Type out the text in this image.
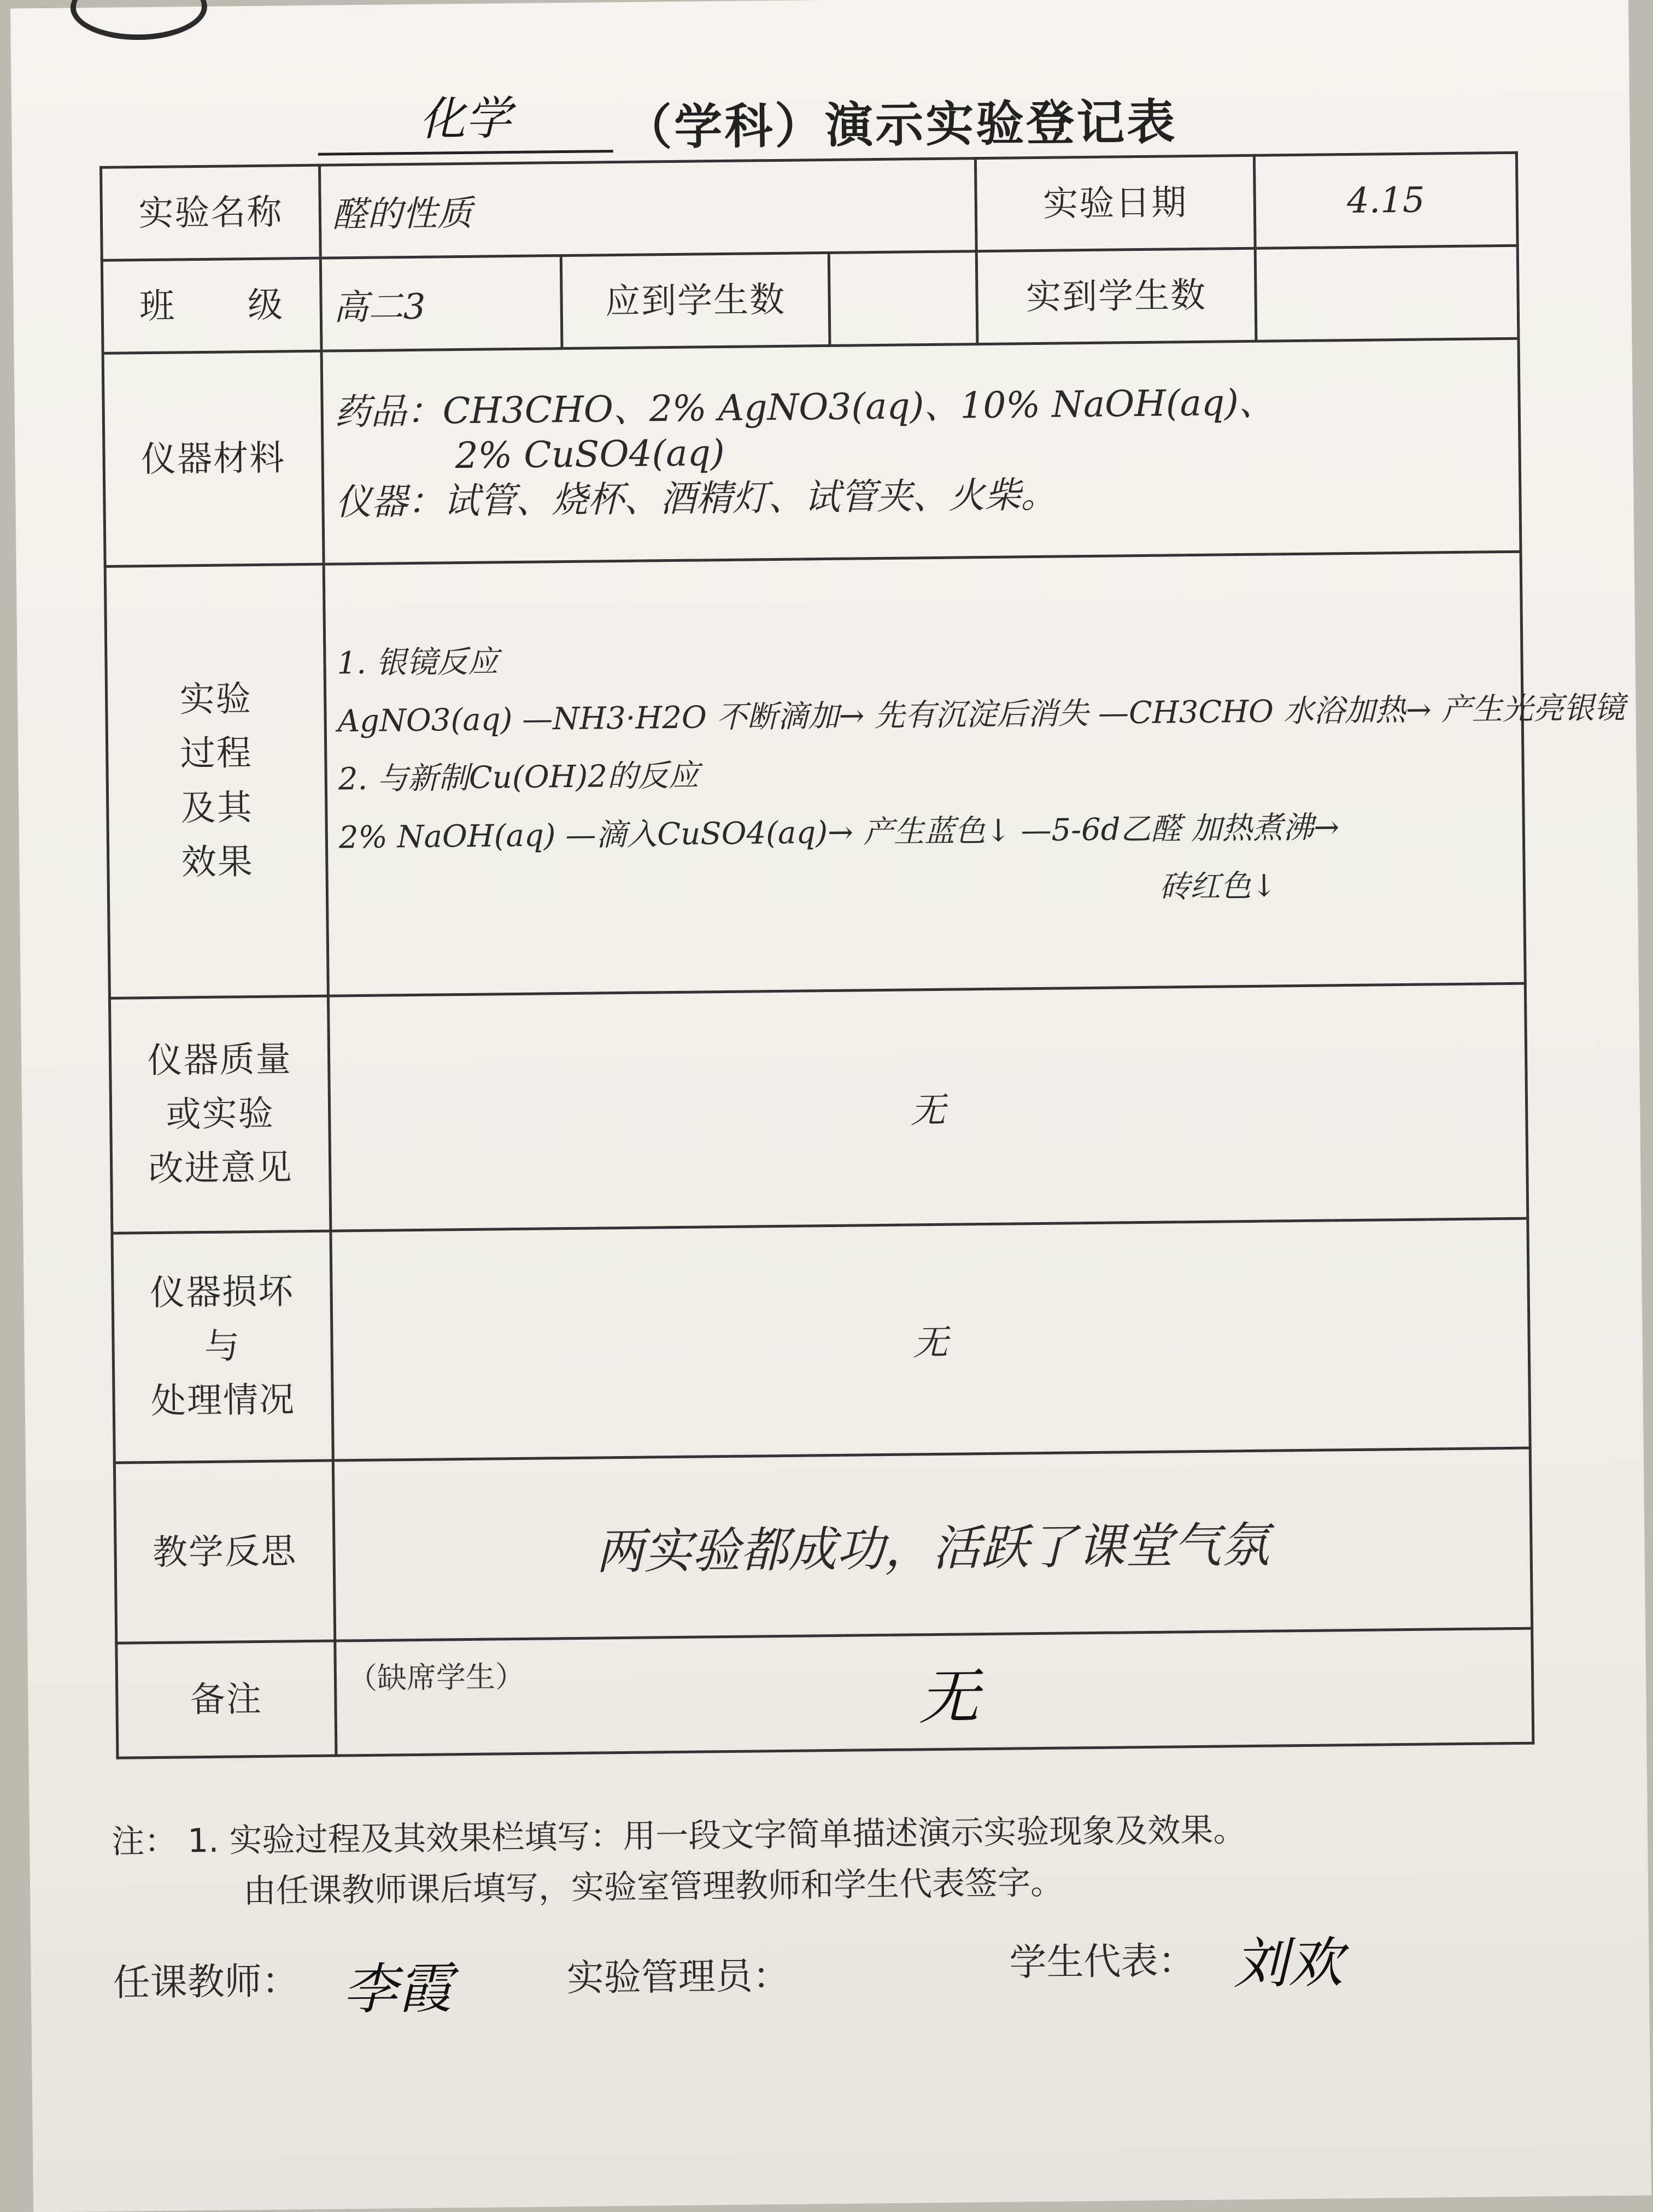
化学	（学科）演示实验登记表
实验名称	醛的性质			实验日期	4.15
班　　级	高二3	应到学生数		实到学生数	
仪器材料	药品：CH3CHO、2% AgNO3(aq)、10% NaOH(aq)、
2% CuSO4(aq)
仪器：试管、烧杯、酒精灯、试管夹、火柴。				

实验
过程
及其
效果	1. 银镜反应
AgNO3(aq) —NH3·H2O 不断滴加→ 先有沉淀后消失 —CH3CHO 水浴加热→ 产生光亮银镜
2. 与新制Cu(OH)2的反应
2% NaOH(aq) —滴入CuSO4(aq)→ 产生蓝色↓ —5-6d乙醛 加热煮沸→
砖红色↓				

仪器质量
或实验
改进意见	无				

仪器损坏
与
处理情况	无				
教学反思	两实验都成功，活跃了课堂气氛				
备注	$^{(缺席学生)}$ 无				
注： 1. 实验过程及其效果栏填写：用一段文字简单描述演示实验现象及效果。
由任课教师课后填写，实验室管理教师和学生代表签字。
任课教师： 李霞	实验管理员：	学生代表： 刘欢
